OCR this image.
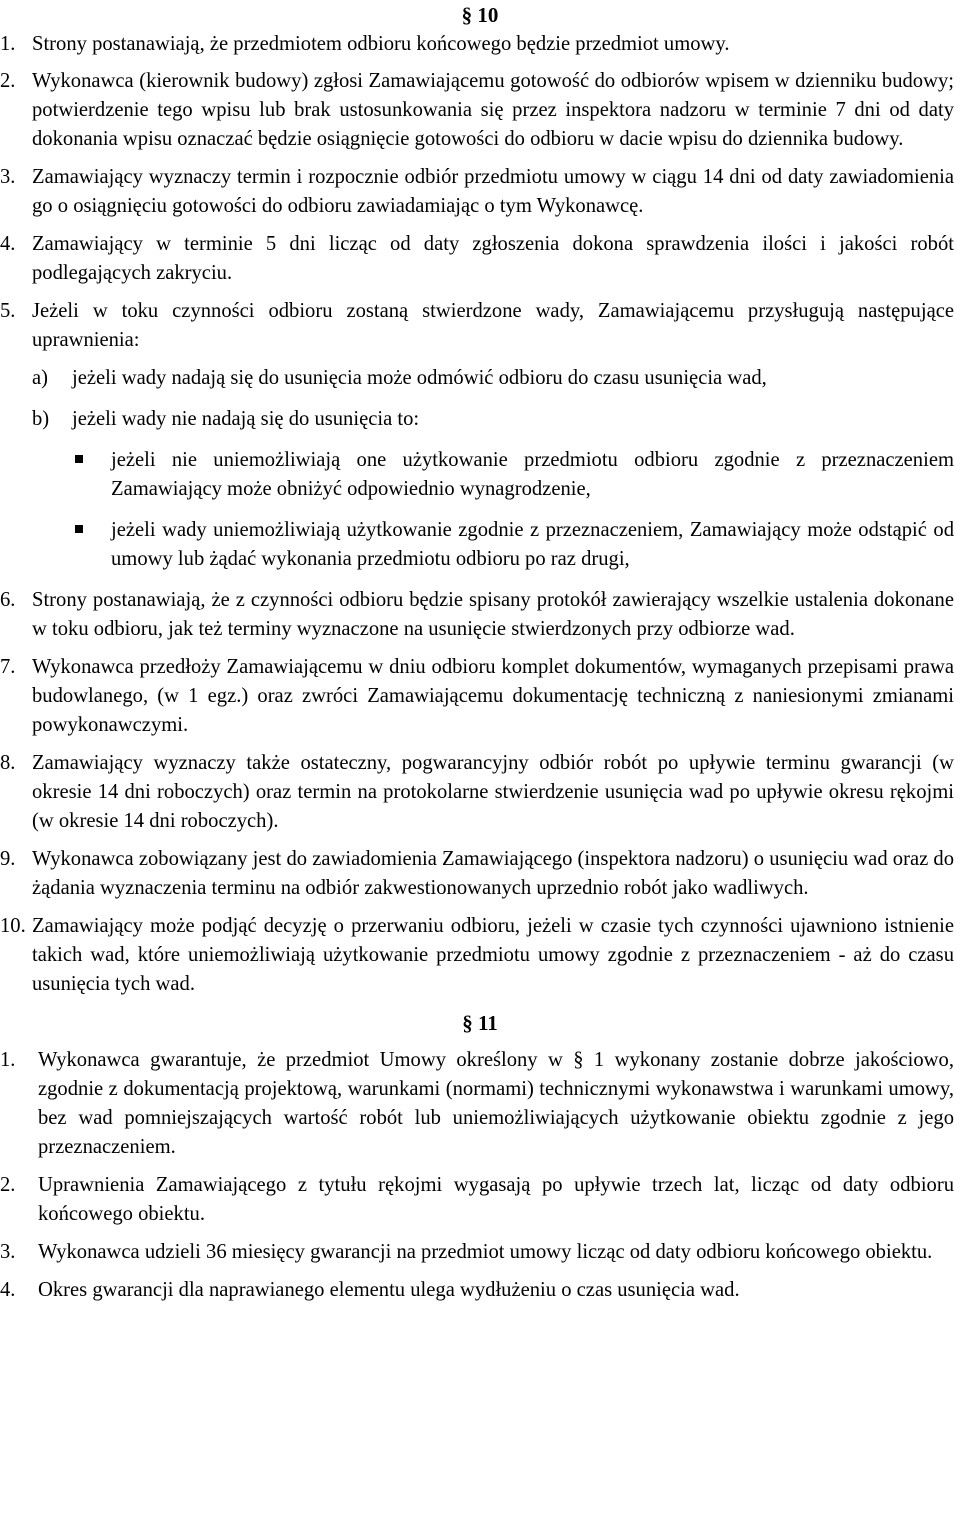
§ 10
1. Strony postanawiają, że przedmiotem odbioru końcowego będzie przedmiot umowy.
2. Wykonawca (kierownik budowy) zgłosi Zamawiającemu gotowość do odbiorów wpisem w dzienniku budowy; potwierdzenie tego wpisu lub brak ustosunkowania się przez inspektora nadzoru w terminie 7 dni od daty dokonania wpisu oznaczać będzie osiągnięcie gotowości do odbioru w dacie wpisu do dziennika budowy.
3. Zamawiający wyznaczy termin i rozpocznie odbiór przedmiotu umowy w ciągu 14 dni od daty zawiadomienia go o osiągnięciu gotowości do odbioru zawiadamiając o tym Wykonawcę.
4. Zamawiający w terminie 5 dni licząc od daty zgłoszenia dokona sprawdzenia ilości i jakości robót podlegających zakryciu.
5. Jeżeli w toku czynności odbioru zostaną stwierdzone wady, Zamawiającemu przysługują następujące uprawnienia:
a) jeżeli wady nadają się do usunięcia może odmówić odbioru do czasu usunięcia wad,
b) jeżeli wady nie nadają się do usunięcia to:
jeżeli nie uniemożliwiają one użytkowanie przedmiotu odbioru zgodnie z przeznaczeniem Zamawiający może obniżyć odpowiednio wynagrodzenie,
jeżeli wady uniemożliwiają użytkowanie zgodnie z przeznaczeniem, Zamawiający może odstąpić od umowy lub żądać wykonania przedmiotu odbioru po raz drugi,
6. Strony postanawiają, że z czynności odbioru będzie spisany protokół zawierający wszelkie ustalenia dokonane w toku odbioru, jak też terminy wyznaczone na usunięcie stwierdzonych przy odbiorze wad.
7. Wykonawca przedłoży Zamawiającemu w dniu odbioru komplet dokumentów, wymaganych przepisami prawa budowlanego, (w 1 egz.) oraz zwróci Zamawiającemu dokumentację techniczną z naniesionymi zmianami powykonawczymi.
8. Zamawiający wyznaczy także ostateczny, pogwarancyjny odbiór robót po upływie terminu gwarancji (w okresie 14 dni roboczych) oraz termin na protokolarne stwierdzenie usunięcia wad po upływie okresu rękojmi (w okresie 14 dni roboczych).
9. Wykonawca zobowiązany jest do zawiadomienia Zamawiającego (inspektora nadzoru) o usunięciu wad oraz do żądania wyznaczenia terminu na odbiór zakwestionowanych uprzednio robót jako wadliwych.
10. Zamawiający może podjąć decyzję o przerwaniu odbioru, jeżeli w czasie tych czynności ujawniono istnienie takich wad, które uniemożliwiają użytkowanie przedmiotu umowy zgodnie z przeznaczeniem - aż do czasu usunięcia tych wad.
§ 11
1. Wykonawca gwarantuje, że przedmiot Umowy określony w § 1 wykonany zostanie dobrze jakościowo, zgodnie z dokumentacją projektową, warunkami (normami) technicznymi wykonawstwa i warunkami umowy, bez wad pomniejszających wartość robót lub uniemożliwiających użytkowanie obiektu zgodnie z jego przeznaczeniem.
2. Uprawnienia Zamawiającego z tytułu rękojmi wygasają po upływie trzech lat, licząc od daty odbioru końcowego obiektu.
3. Wykonawca udzieli 36 miesięcy gwarancji na przedmiot umowy licząc od daty odbioru końcowego obiektu.
4. Okres gwarancji dla naprawianego elementu ulega wydłużeniu o czas usunięcia wad.
